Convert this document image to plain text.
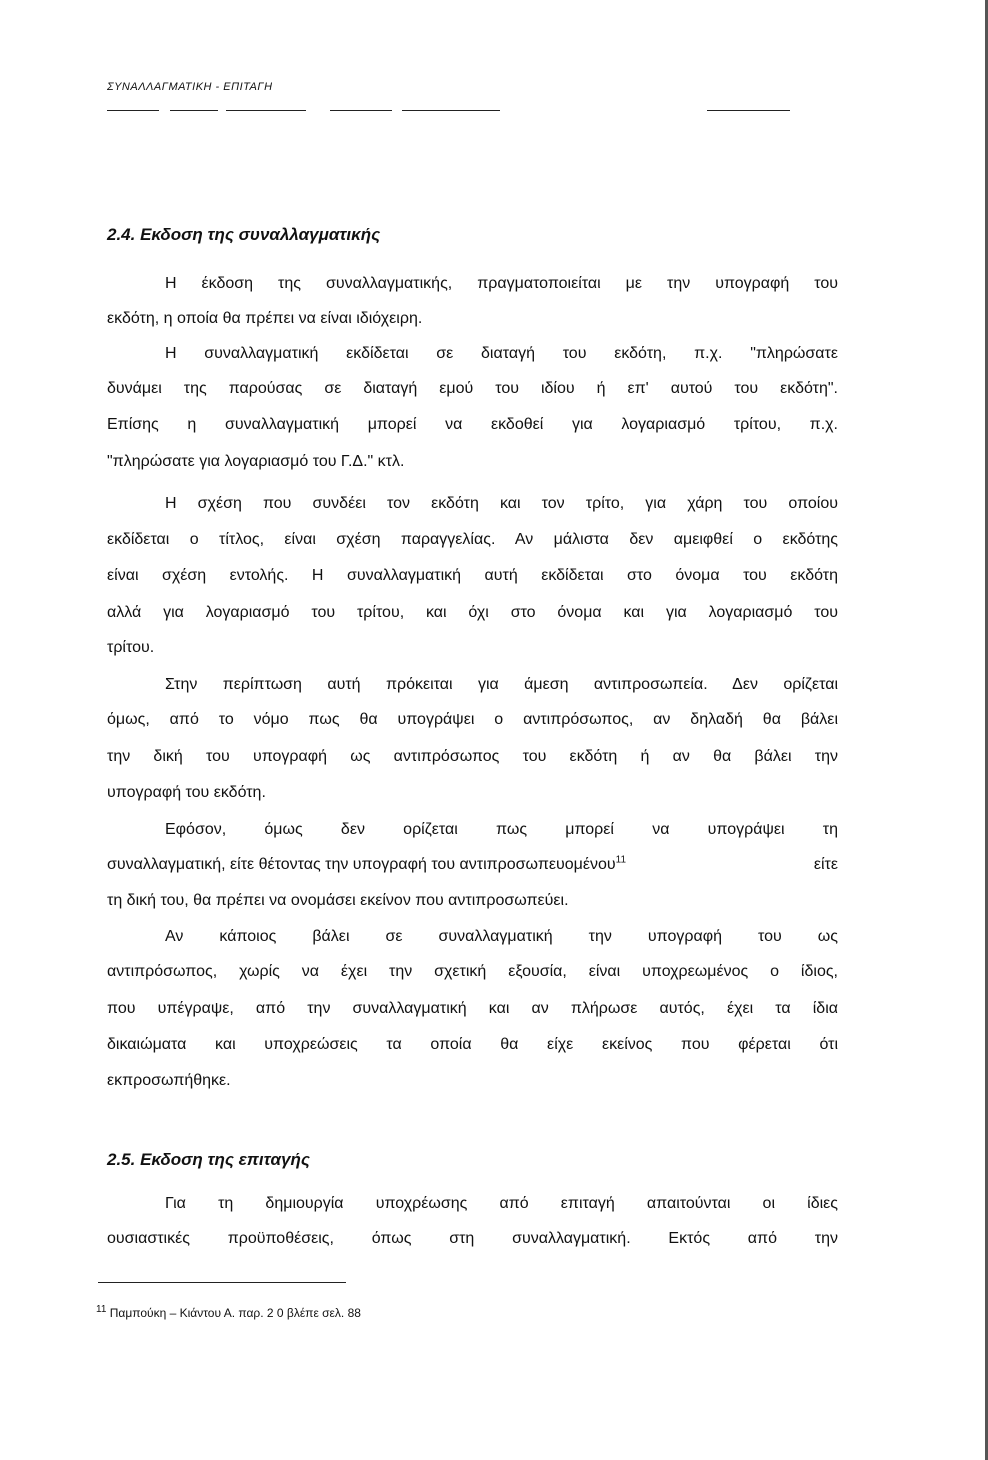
ΣΥΝΑΛΛΑΓΜΑΤΙΚΗ - ΕΠΙΤΑΓΗ
2.4. Εκδοση της συναλλαγματικής
Η έκδοση της συναλλαγματικής, πραγματοποιείται με την υπογραφή του
εκδότη, η οποία θα πρέπει να είναι ιδιόχειρη.
Η συναλλαγματική εκδίδεται σε διαταγή του εκδότη, π.χ. "πληρώσατε
δυνάμει της παρούσας σε διαταγή εμού του ιδίου ή επ' αυτού του εκδότη".
Επίσης η συναλλαγματική μπορεί να εκδοθεί για λογαριασμό τρίτου, π.χ.
"πληρώσατε για λογαριασμό του Γ.Δ." κτλ.
Η σχέση που συνδέει τον εκδότη και τον τρίτο, για χάρη του οποίου
εκδίδεται ο τίτλος, είναι σχέση παραγγελίας. Αν μάλιστα δεν αμειφθεί ο εκδότης
είναι σχέση εντολής. Η συναλλαγματική αυτή εκδίδεται στο όνομα του εκδότη
αλλά για λογαριασμό του τρίτου, και όχι στο όνομα και για λογαριασμό του
τρίτου.
Στην περίπτωση αυτή πρόκειται για άμεση αντιπροσωπεία. Δεν ορίζεται
όμως, από το νόμο πως θα υπογράψει ο αντιπρόσωπος, αν δηλαδή θα βάλει
την δική του υπογραφή ως αντιπρόσωπος του εκδότη ή αν θα βάλει την
υπογραφή του εκδότη.
Εφόσον, όμως δεν ορίζεται πως μπορεί να υπογράψει τη
συναλλαγματική, είτε θέτοντας την υπογραφή του αντιπροσωπευομένου$^{11}$	είτε
τη δική του, θα πρέπει να ονομάσει εκείνον που αντιπροσωπεύει.
Αν κάποιος βάλει σε συναλλαγματική την υπογραφή του ως
αντιπρόσωπος, χωρίς να έχει την σχετική εξουσία, είναι υποχρεωμένος ο ίδιος,
που υπέγραψε, από την συναλλαγματική και αν πλήρωσε αυτός, έχει τα ίδια
δικαιώματα και υποχρεώσεις τα οποία θα είχε εκείνος που φέρεται ότι
εκπροσωπήθηκε.
2.5. Εκδοση της επιταγής
Για τη δημιουργία υποχρέωσης από επιταγή απαιτούνται οι ίδιες
ουσιαστικές προϋποθέσεις, όπως στη συναλλαγματική. Εκτός από την
$^{11}$ Παμπούκη – Κιάντου Α. παρ. 2 0 βλέπε σελ. 88
